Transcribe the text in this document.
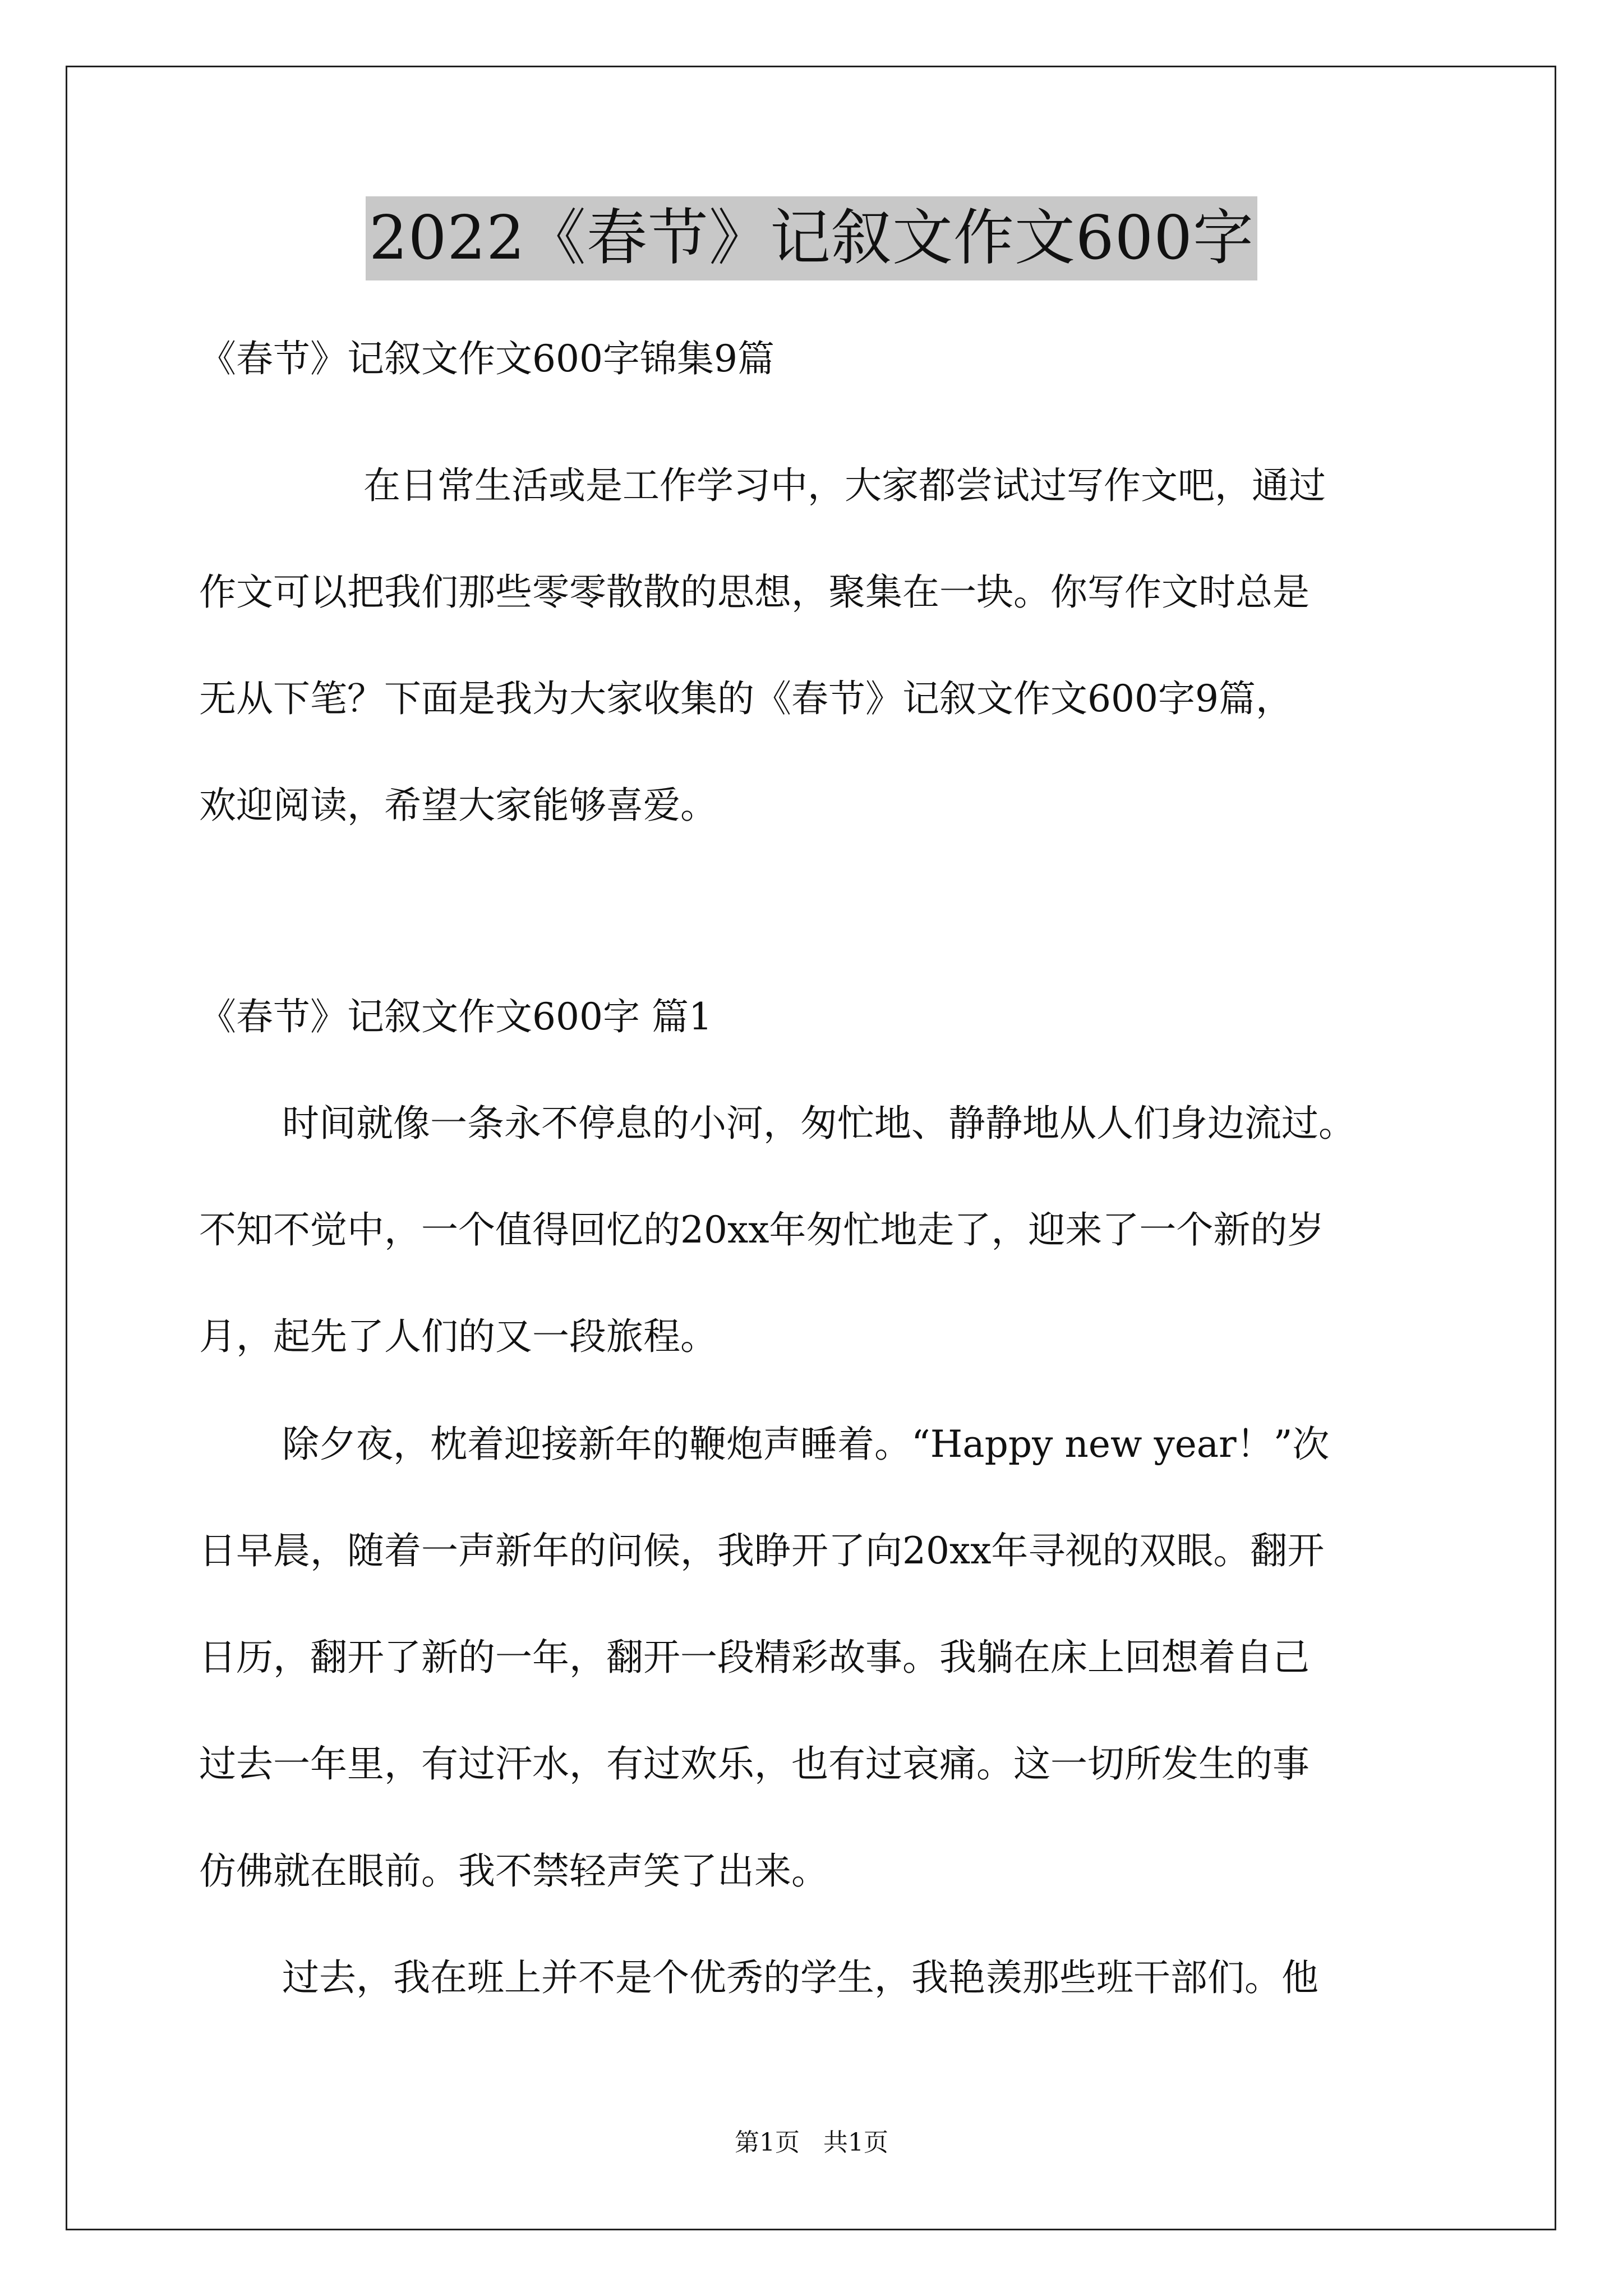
2022《春节》记叙文作文600字
《春节》记叙文作文600字锦集9篇
在日常生活或是工作学习中，大家都尝试过写作文吧，通过
作文可以把我们那些零零散散的思想，聚集在一块。你写作文时总是
无从下笔？下面是我为大家收集的《春节》记叙文作文600字9篇，
欢迎阅读，希望大家能够喜爱。
《春节》记叙文作文600字 篇1
时间就像一条永不停息的小河，匆忙地、静静地从人们身边流过。
不知不觉中，一个值得回忆的20xx年匆忙地走了，迎来了一个新的岁
月，起先了人们的又一段旅程。
除夕夜，枕着迎接新年的鞭炮声睡着。“Happy new year！”次
日早晨，随着一声新年的问候，我睁开了向20xx年寻视的双眼。翻开
日历，翻开了新的一年，翻开一段精彩故事。我躺在床上回想着自己
过去一年里，有过汗水，有过欢乐，也有过哀痛。这一切所发生的事
仿佛就在眼前。我不禁轻声笑了出来。
过去，我在班上并不是个优秀的学生，我艳羡那些班干部们。他
第1页   共1页
